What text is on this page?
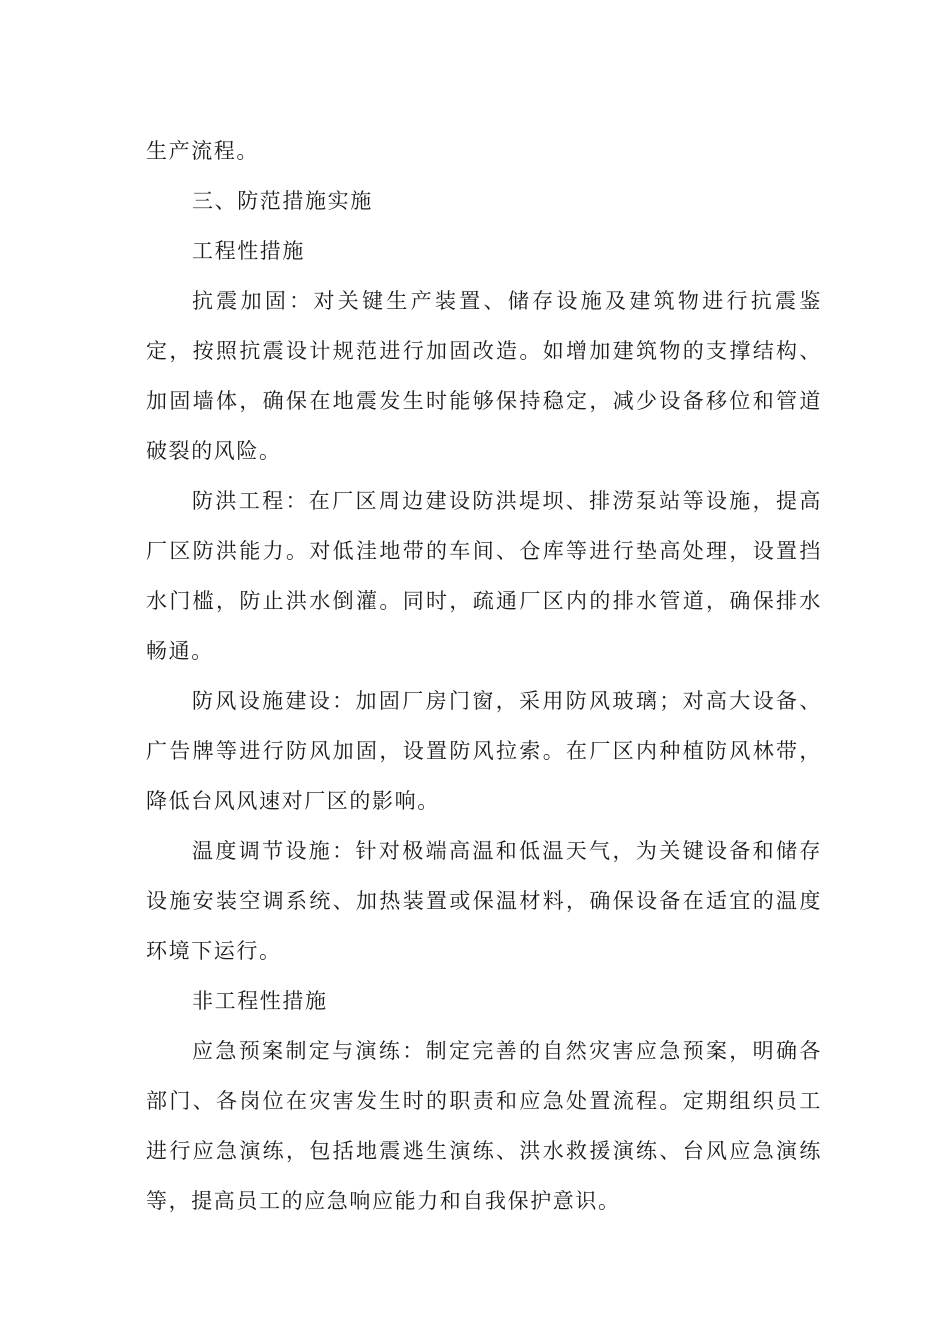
生产流程。

三、防范措施实施

工程性措施

抗震加固：对关键生产装置、储存设施及建筑物进行抗震鉴定，按照抗震设计规范进行加固改造。如增加建筑物的支撑结构、加固墙体，确保在地震发生时能够保持稳定，减少设备移位和管道破裂的风险。

防洪工程：在厂区周边建设防洪堤坝、排涝泵站等设施，提高厂区防洪能力。对低洼地带的车间、仓库等进行垫高处理，设置挡水门槛，防止洪水倒灌。同时，疏通厂区内的排水管道，确保排水畅通。

防风设施建设：加固厂房门窗，采用防风玻璃；对高大设备、广告牌等进行防风加固，设置防风拉索。在厂区内种植防风林带，降低台风风速对厂区的影响。

温度调节设施：针对极端高温和低温天气，为关键设备和储存设施安装空调系统、加热装置或保温材料，确保设备在适宜的温度环境下运行。

非工程性措施

应急预案制定与演练：制定完善的自然灾害应急预案，明确各部门、各岗位在灾害发生时的职责和应急处置流程。定期组织员工进行应急演练，包括地震逃生演练、洪水救援演练、台风应急演练等，提高员工的应急响应能力和自我保护意识。
